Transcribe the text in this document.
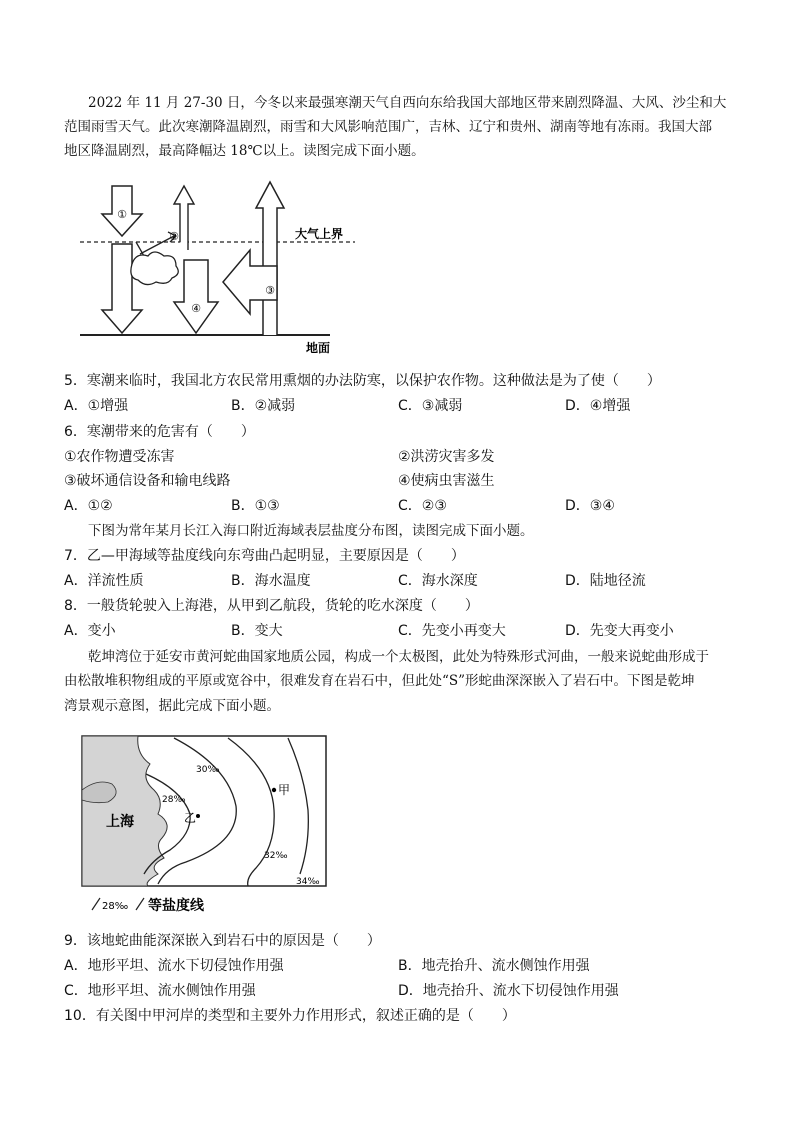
2022 年 11 月 27-30 日，今冬以来最强寒潮天气自西向东给我国大部地区带来剧烈降温、大风、沙尘和大
范围雨雪天气。此次寒潮降温剧烈，雨雪和大风影响范围广，吉林、辽宁和贵州、湖南等地有冻雨。我国大部
地区降温剧烈，最高降幅达 18℃以上。读图完成下面小题。
①
②
④
③
大气上界
地面
5．寒潮来临时，我国北方农民常用熏烟的办法防寒，以保护农作物。这种做法是为了使（　　）
A．①增强	B．②减弱	C．③减弱	D．④增强
6．寒潮带来的危害有（　　）
①农作物遭受冻害	②洪涝灾害多发
③破坏通信设备和输电线路	④使病虫害滋生
A．①②	B．①③	C．②③	D．③④
下图为常年某月长江入海口附近海域表层盐度分布图，读图完成下面小题。
7．乙—甲海域等盐度线向东弯曲凸起明显，主要原因是（　　）
A．洋流性质	B．海水温度	C．海水深度	D．陆地径流
8．一般货轮驶入上海港，从甲到乙航段，货轮的吃水深度（　　）
A．变小	B．变大	C．先变小再变大	D．先变大再变小
乾坤湾位于延安市黄河蛇曲国家地质公园，构成一个太极图，此处为特殊形式河曲，一般来说蛇曲形成于
由松散堆积物组成的平原或宽谷中，很难发育在岩石中，但此处“S”形蛇曲深深嵌入了岩石中。下图是乾坤
湾景观示意图，据此完成下面小题。
上海
甲
乙
28‰
30‰
32‰
34‰
28‰ 等盐度线
9．该地蛇曲能深深嵌入到岩石中的原因是（　　）
A．地形平坦、流水下切侵蚀作用强	B．地壳抬升、流水侧蚀作用强
C．地形平坦、流水侧蚀作用强	D．地壳抬升、流水下切侵蚀作用强
10．有关图中甲河岸的类型和主要外力作用形式，叙述正确的是（　　）
